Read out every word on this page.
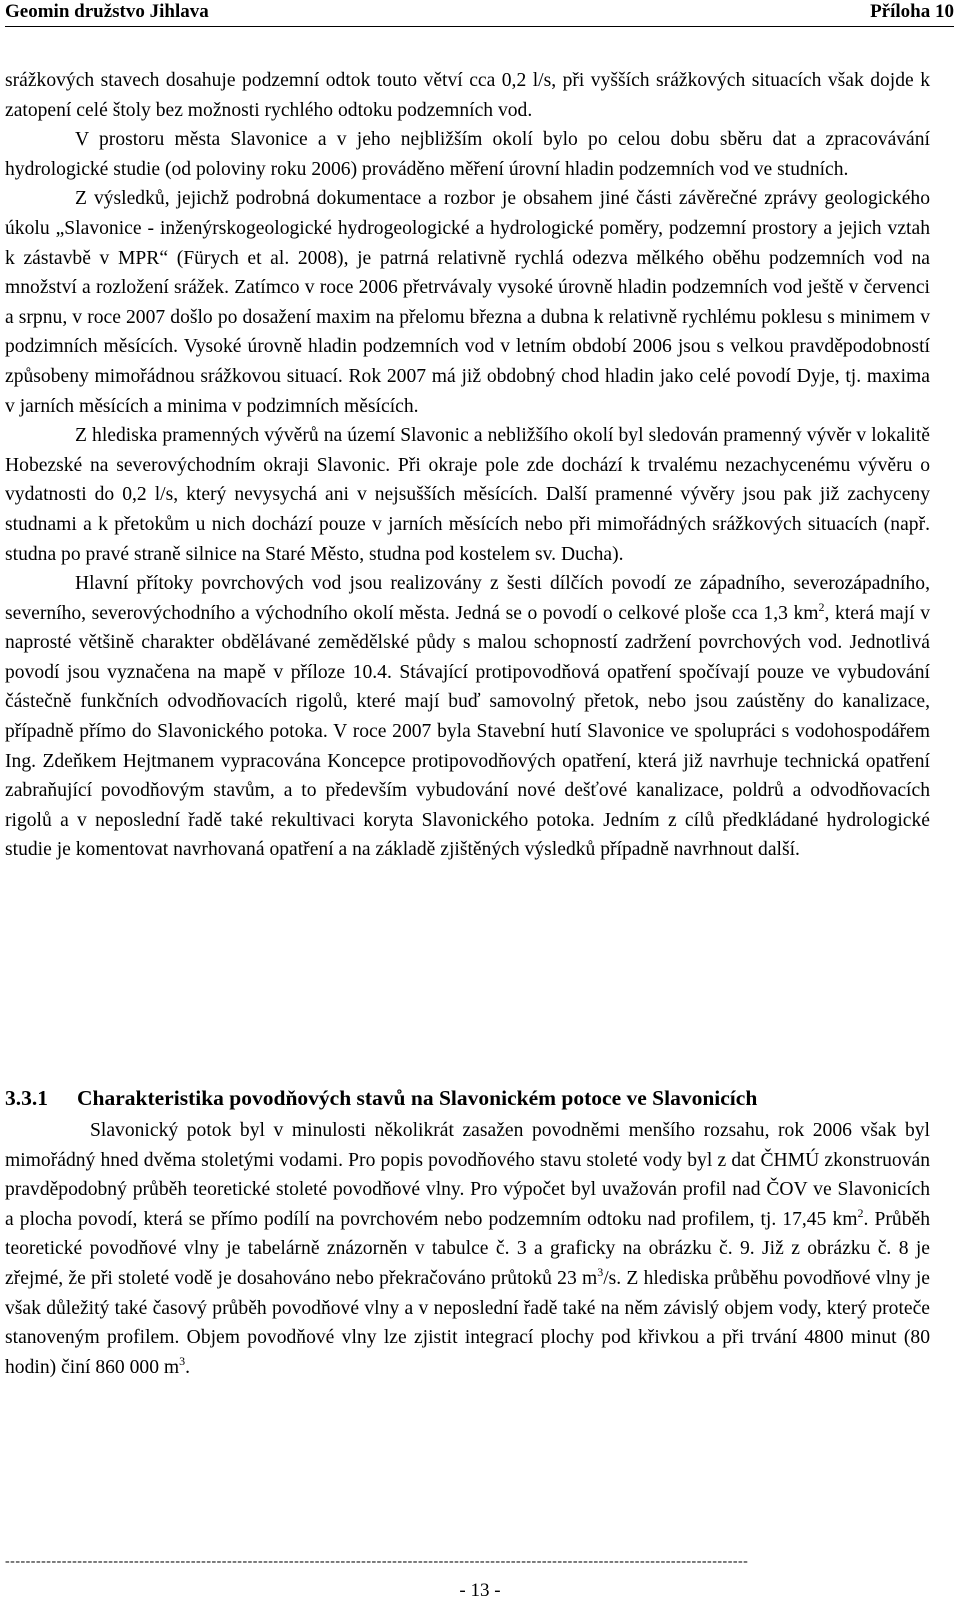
Geomin družstvo Jihlava	Příloha 10

srážkových stavech dosahuje podzemní odtok touto větví cca 0,2 l/s, při vyšších srážkových situacích však dojde k zatopení celé štoly bez možnosti rychlého odtoku podzemních vod.

V prostoru města Slavonice a v jeho nejbližším okolí bylo po celou dobu sběru dat a zpracovávání hydrologické studie (od poloviny roku 2006) prováděno měření úrovní hladin podzemních vod ve studních.

Z výsledků, jejichž podrobná dokumentace a rozbor je obsahem jiné části závěrečné zprávy geologického úkolu „Slavonice - inženýrskogeologické hydrogeologické a hydrologické poměry, podzemní prostory a jejich vztah k zástavbě v MPR“ (Fürych et al. 2008), je patrná relativně rychlá odezva mělkého oběhu podzemních vod na množství a rozložení srážek. Zatímco v roce 2006 přetrvávaly vysoké úrovně hladin podzemních vod ještě v červenci a srpnu, v roce 2007 došlo po dosažení maxim na přelomu března a dubna k relativně rychlému poklesu s minimem v podzimních měsících. Vysoké úrovně hladin podzemních vod v letním období 2006 jsou s velkou pravděpodobností způsobeny mimořádnou srážkovou situací. Rok 2007 má již obdobný chod hladin jako celé povodí Dyje, tj. maxima v jarních měsících a minima v podzimních měsících.

Z hlediska pramenných vývěrů na území Slavonic a nebližšího okolí byl sledován pramenný vývěr v lokalitě Hobezské na severovýchodním okraji Slavonic. Při okraje pole zde dochází k trvalému nezachycenému vývěru o vydatnosti do 0,2 l/s, který nevysychá ani v nejsušších měsících. Další pramenné vývěry jsou pak již zachyceny studnami a k přetokům u nich dochází pouze v jarních měsících nebo při mimořádných srážkových situacích (např. studna po pravé straně silnice na Staré Město, studna pod kostelem sv. Ducha).

Hlavní přítoky povrchových vod jsou realizovány z šesti dílčích povodí ze západního, severozápadního, severního, severovýchodního a východního okolí města. Jedná se o povodí o celkové ploše cca 1,3 $km^2$, která mají v naprosté většině charakter obdělávané zemědělské půdy s malou schopností zadržení povrchových vod. Jednotlivá povodí jsou vyznačena na mapě v příloze 10.4. Stávající protipovodňová opatření spočívají pouze ve vybudování částečně funkčních odvodňovacích rigolů, které mají buď samovolný přetok, nebo jsou zaústěny do kanalizace, případně přímo do Slavonického potoka. V roce 2007 byla Stavební hutí Slavonice ve spolupráci s vodohospodářem Ing. Zdeňkem Hejtmanem vypracována Koncepce protipovodňových opatření, která již navrhuje technická opatření zabraňující povodňovým stavům, a to především vybudování nové dešťové kanalizace, poldrů a odvodňovacích rigolů a v neposlední řadě také rekultivaci koryta Slavonického potoka. Jedním z cílů předkládané hydrologické studie je komentovat navrhovaná opatření a na základě zjištěných výsledků případně navrhnout další.

3.3.1 Charakteristika povodňových stavů na Slavonickém potoce ve Slavonicích

Slavonický potok byl v minulosti několikrát zasažen povodněmi menšího rozsahu, rok 2006 však byl mimořádný hned dvěma stoletými vodami. Pro popis povodňového stavu stoleté vody byl z dat ČHMÚ zkonstruován pravděpodobný průběh teoretické stoleté povodňové vlny. Pro výpočet byl uvažován profil nad ČOV ve Slavonicích a plocha povodí, která se přímo podílí na povrchovém nebo podzemním odtoku nad profilem, tj. 17,45 $km^2$. Průběh teoretické povodňové vlny je tabelárně znázorněn v tabulce č. 3 a graficky na obrázku č. 9. Již z obrázku č. 8 je zřejmé, že při stoleté vodě je dosahováno nebo překračováno průtoků 23 $m^3/s$. Z hlediska průběhu povodňové vlny je však důležitý také časový průběh povodňové vlny a v neposlední řadě také na něm závislý objem vody, který proteče stanoveným profilem. Objem povodňové vlny lze zjistit integrací plochy pod křivkou a při trvání 4800 minut (80 hodin) činí 860 000 $m^3$.

------------------------------------------------------------------------------------------------------------------------------------------------
- 13 -
